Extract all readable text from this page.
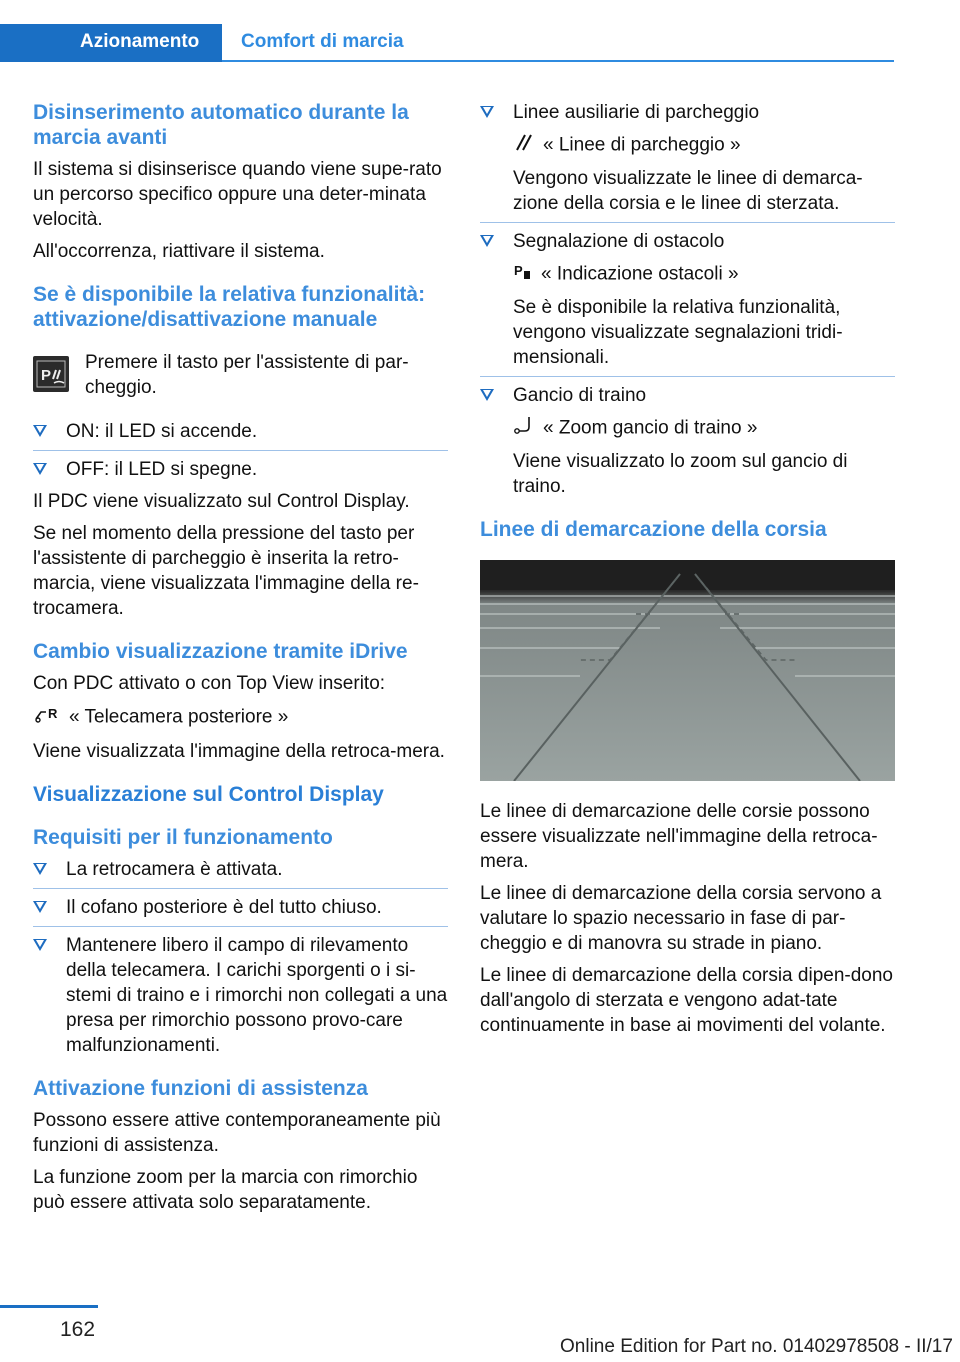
Azionamento Comfort di marcia

Disinserimento automatico durante la marcia avanti

Il sistema si disinserisce quando viene supe-rato un percorso specifico oppure una deter-minata velocità.

All'occorrenza, riattivare il sistema.

Se è disponibile la relativa funzionalità: attivazione/disattivazione manuale

P
Premere il tasto per l'assistente di par-cheggio.
ON: il LED si accende.
OFF: il LED si spegne.

Il PDC viene visualizzato sul Control Display.

Se nel momento della pressione del tasto per l'assistente di parcheggio è inserita la retro-marcia, viene visualizzata l'immagine della re-trocamera.

Cambio visualizzazione tramite iDrive

Con PDC attivato o con Top View inserito:

R « Telecamera posteriore »

Viene visualizzata l'immagine della retroca-mera.

Visualizzazione sul Control Display

Requisiti per il funzionamento

La retrocamera è attivata.
Il cofano posteriore è del tutto chiuso.
Mantenere libero il campo di rilevamento della telecamera. I carichi sporgenti o i si-stemi di traino e i rimorchi non collegati a una presa per rimorchio possono provo-care malfunzionamenti.

Attivazione funzioni di assistenza

Possono essere attive contemporaneamente più funzioni di assistenza.

La funzione zoom per la marcia con rimorchio può essere attivata solo separatamente.

Linee ausiliarie di parcheggio

« Linee di parcheggio »

Vengono visualizzate le linee di demarca-zione della corsia e le linee di sterzata.

Segnalazione di ostacolo

P « Indicazione ostacoli »

Se è disponibile la relativa funzionalità, vengono visualizzate segnalazioni tridi-mensionali.

Gancio di traino

« Zoom gancio di traino »

Viene visualizzato lo zoom sul gancio di traino.

Linee di demarcazione della corsia

Le linee di demarcazione delle corsie possono essere visualizzate nell'immagine della retroca-mera.

Le linee di demarcazione della corsia servono a valutare lo spazio necessario in fase di par-cheggio e di manovra su strade in piano.

Le linee di demarcazione della corsia dipen-dono dall'angolo di sterzata e vengono adat-tate continuamente in base ai movimenti del volante.

162
Online Edition for Part no. 01402978508 - II/17
